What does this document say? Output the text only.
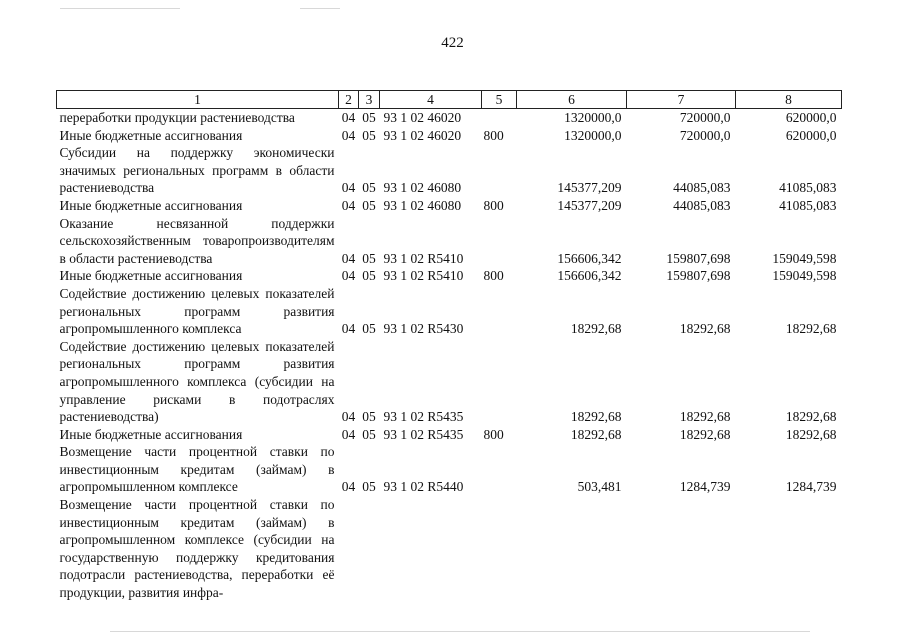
422
1	2	3	4	5	6	7	8
переработки продукции растениеводства	04	05	93 1 02 46020		1320000,0	720000,0	620000,0
Иные бюджетные ассигнования	04	05	93 1 02 46020	800	1320000,0	720000,0	620000,0
Субсидии на поддержку экономически значимых региональных программ в области растениеводства	04	05	93 1 02 46080		145377,209	44085,083	41085,083
Иные бюджетные ассигнования	04	05	93 1 02 46080	800	145377,209	44085,083	41085,083
Оказание несвязанной поддержки сельскохозяйственным товаропроизводителям в области растениеводства	04	05	93 1 02 R5410		156606,342	159807,698	159049,598
Иные бюджетные ассигнования	04	05	93 1 02 R5410	800	156606,342	159807,698	159049,598
Содействие достижению целевых показателей региональных программ развития агропромышленного комплекса	04	05	93 1 02 R5430		18292,68	18292,68	18292,68
Содействие достижению целевых показателей региональных программ развития агропромышленного комплекса (субсидии на управление рисками в подотраслях растениеводства)	04	05	93 1 02 R5435		18292,68	18292,68	18292,68
Иные бюджетные ассигнования	04	05	93 1 02 R5435	800	18292,68	18292,68	18292,68
Возмещение части процентной ставки по инвестиционным кредитам (займам) в агропромышленном комплексе	04	05	93 1 02 R5440		503,481	1284,739	1284,739
Возмещение части процентной ставки по инвестиционным кредитам (займам) в агропромышленном комплексе (субсидии на государственную поддержку кредитования подотрасли растениеводства, переработки её продукции, развития инфра-							
